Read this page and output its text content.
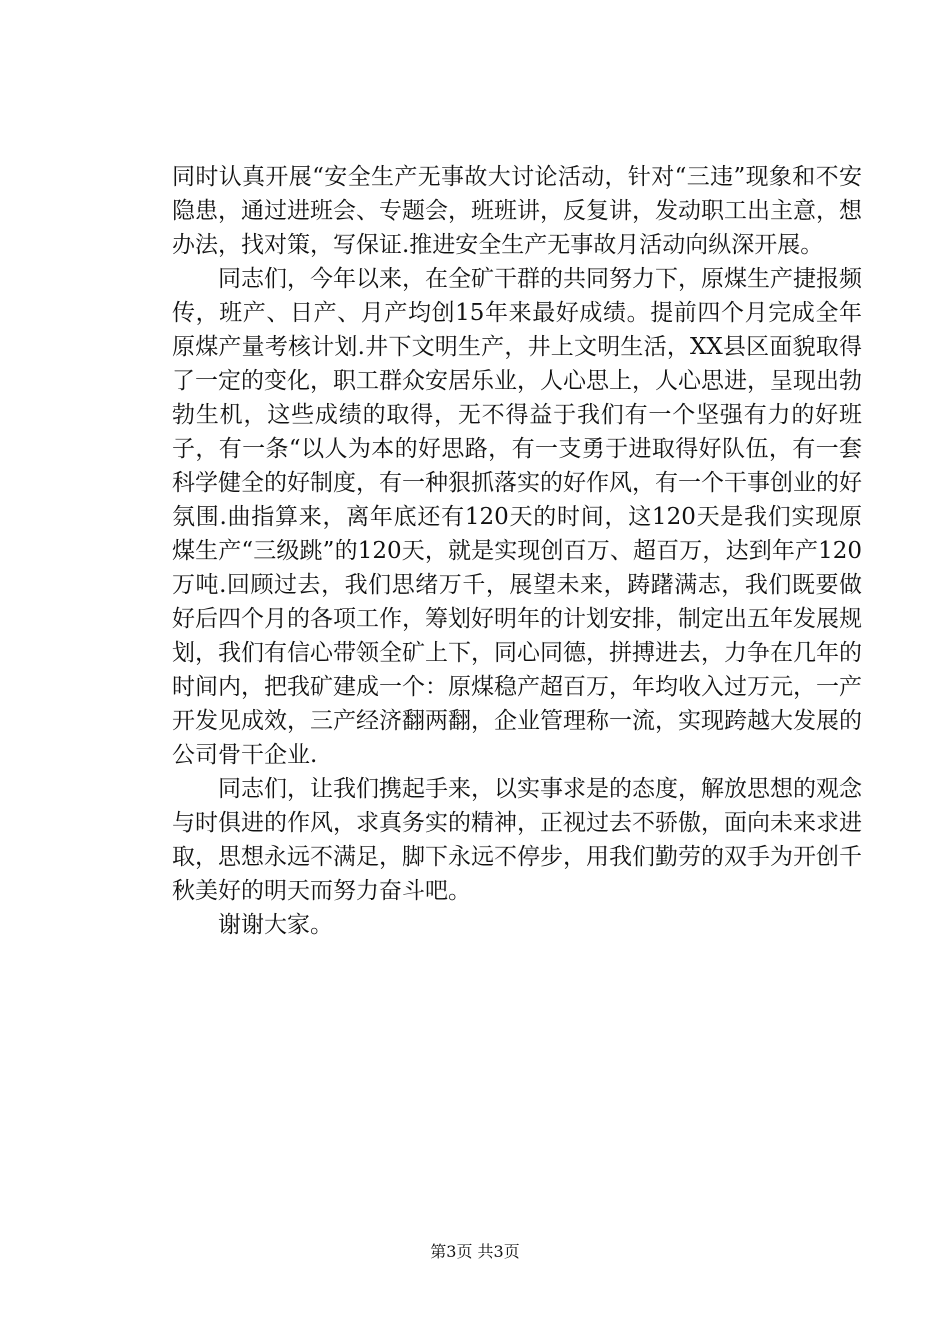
同时认真开展“安全生产无事故大讨论活动，针对“三违”现象和不安隐患，通过进班会、专题会，班班讲，反复讲，发动职工出主意，想办法，找对策，写保证.推进安全生产无事故月活动向纵深开展。

同志们，今年以来，在全矿干群的共同努力下，原煤生产捷报频传，班产、日产、月产均创15年来最好成绩。提前四个月完成全年原煤产量考核计划.井下文明生产，井上文明生活，XX县区面貌取得了一定的变化，职工群众安居乐业，人心思上，人心思进，呈现出勃勃生机，这些成绩的取得，无不得益于我们有一个坚强有力的好班子，有一条“以人为本的好思路，有一支勇于进取得好队伍，有一套科学健全的好制度，有一种狠抓落实的好作风，有一个干事创业的好氛围.曲指算来，离年底还有120天的时间，这120天是我们实现原煤生产“三级跳”的120天，就是实现创百万、超百万，达到年产120万吨.回顾过去，我们思绪万千，展望未来，踌躇满志，我们既要做好后四个月的各项工作，筹划好明年的计划安排，制定出五年发展规划，我们有信心带领全矿上下，同心同德，拼搏进去，力争在几年的时间内，把我矿建成一个：原煤稳产超百万，年均收入过万元，一产开发见成效，三产经济翻两翻，企业管理称一流，实现跨越大发展的公司骨干企业.

同志们，让我们携起手来，以实事求是的态度，解放思想的观念与时俱进的作风，求真务实的精神，正视过去不骄傲，面向未来求进取，思想永远不满足，脚下永远不停步，用我们勤劳的双手为开创千秋美好的明天而努力奋斗吧。

谢谢大家。

第3页 共3页
